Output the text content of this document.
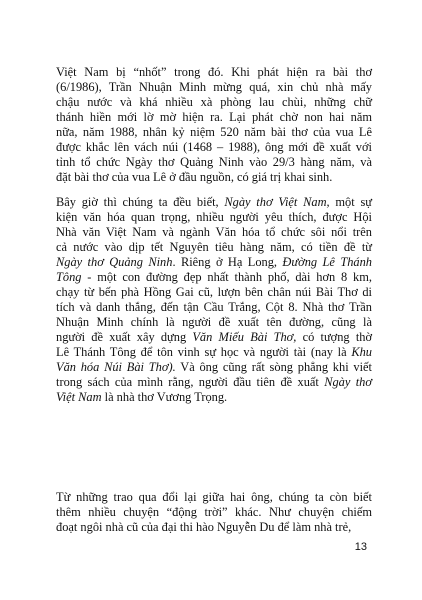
Việt Nam bị “nhốt” trong đó. Khi phát hiện ra bài thơ
(6/1986), Trần Nhuận Minh mừng quá, xin chủ nhà mấy
chậu nước và khá nhiều xà phòng lau chùi, những chữ
thánh hiền mới lờ mờ hiện ra. Lại phát chờ non hai năm
nữa, năm 1988, nhân kỷ niệm 520 năm bài thơ của vua Lê
được khắc lên vách núi (1468 – 1988), ông mới đề xuất với
tỉnh tổ chức Ngày thơ Quảng Ninh vào 29/3 hàng năm, và
đặt bài thơ của vua Lê ở đầu nguồn, có giá trị khai sinh.
Bây giờ thì chúng ta đều biết, Ngày thơ Việt Nam, một sự
kiện văn hóa quan trọng, nhiều người yêu thích, được Hội
Nhà văn Việt Nam và ngành Văn hóa tổ chức sôi nổi trên
cả nước vào dịp tết Nguyên tiêu hàng năm, có tiền đề từ
Ngày thơ Quảng Ninh. Riêng ở Hạ Long, Đường Lê Thánh
Tông - một con đường đẹp nhất thành phố, dài hơn 8 km,
chạy từ bến phà Hồng Gai cũ, lượn bên chân núi Bài Thơ di
tích và danh thắng, đến tận Cầu Trắng, Cột 8. Nhà thơ Trần
Nhuận Minh chính là người đề xuất tên đường, cũng là
người đề xuất xây dựng Văn Miếu Bài Thơ, có tượng thờ
Lê Thánh Tông để tôn vinh sự học và người tài (nay là Khu
Văn hóa Núi Bài Thơ). Và ông cũng rất sòng phẳng khi viết
trong sách của mình rằng, người đầu tiên đề xuất Ngày thơ
Việt Nam là nhà thơ Vương Trọng.
Từ những trao qua đổi lại giữa hai ông, chúng ta còn biết
thêm nhiều chuyện “động trời” khác. Như chuyện chiếm
đoạt ngôi nhà cũ của đại thi hào Nguyễn Du để làm nhà trẻ,
13
